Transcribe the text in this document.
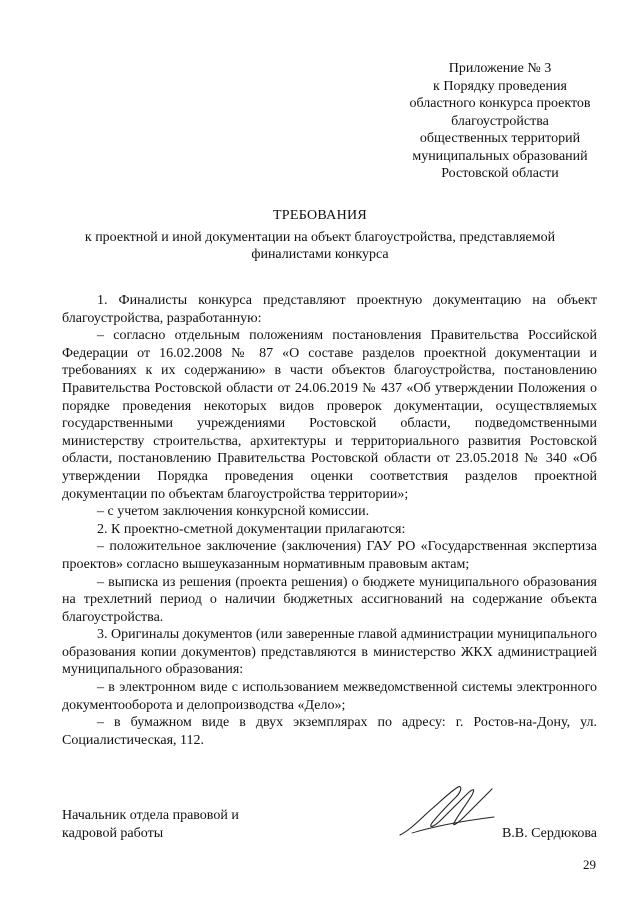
Приложение № 3
к Порядку проведения
областного конкурса проектов
благоустройства
общественных территорий
муниципальных образований
Ростовской области
ТРЕБОВАНИЯ
к проектной и иной документации на объект благоустройства, представляемой
финалистами конкурса

1. Финалисты конкурса представляют проектную документацию на объект благоустройства, разработанную:

– согласно отдельным положениям постановления Правительства Российской Федерации от 16.02.2008 № 87 «О составе разделов проектной документации и требованиях к их содержанию» в части объектов благоустройства, постановлению Правительства Ростовской области от 24.06.2019 № 437 «Об утверждении Положения о порядке проведения некоторых видов проверок документации, осуществляемых государственными учреждениями Ростовской области, подведомственными министерству строительства, архитектуры и территориального развития Ростовской области, постановлению Правительства Ростовской области от 23.05.2018 № 340 «Об утверждении Порядка проведения оценки соответствия разделов проектной документации по объектам благоустройства территории»;

– с учетом заключения конкурсной комиссии.

2. К проектно-сметной документации прилагаются:

– положительное заключение (заключения) ГАУ РО «Государственная экспертиза проектов» согласно вышеуказанным нормативным правовым актам;

– выписка из решения (проекта решения) о бюджете муниципального образования на трехлетний период о наличии бюджетных ассигнований на содержание объекта благоустройства.

3. Оригиналы документов (или заверенные главой администрации муниципального образования копии документов) представляются в министерство ЖКХ администрацией муниципального образования:

– в электронном виде с использованием межведомственной системы электронного документооборота и делопроизводства «Дело»;

– в бумажном виде в двух экземплярах по адресу: г. Ростов-на-Дону, ул. Социалистическая, 112.

Начальник отдела правовой и
кадровой работы	В.В. Сердюкова
29
